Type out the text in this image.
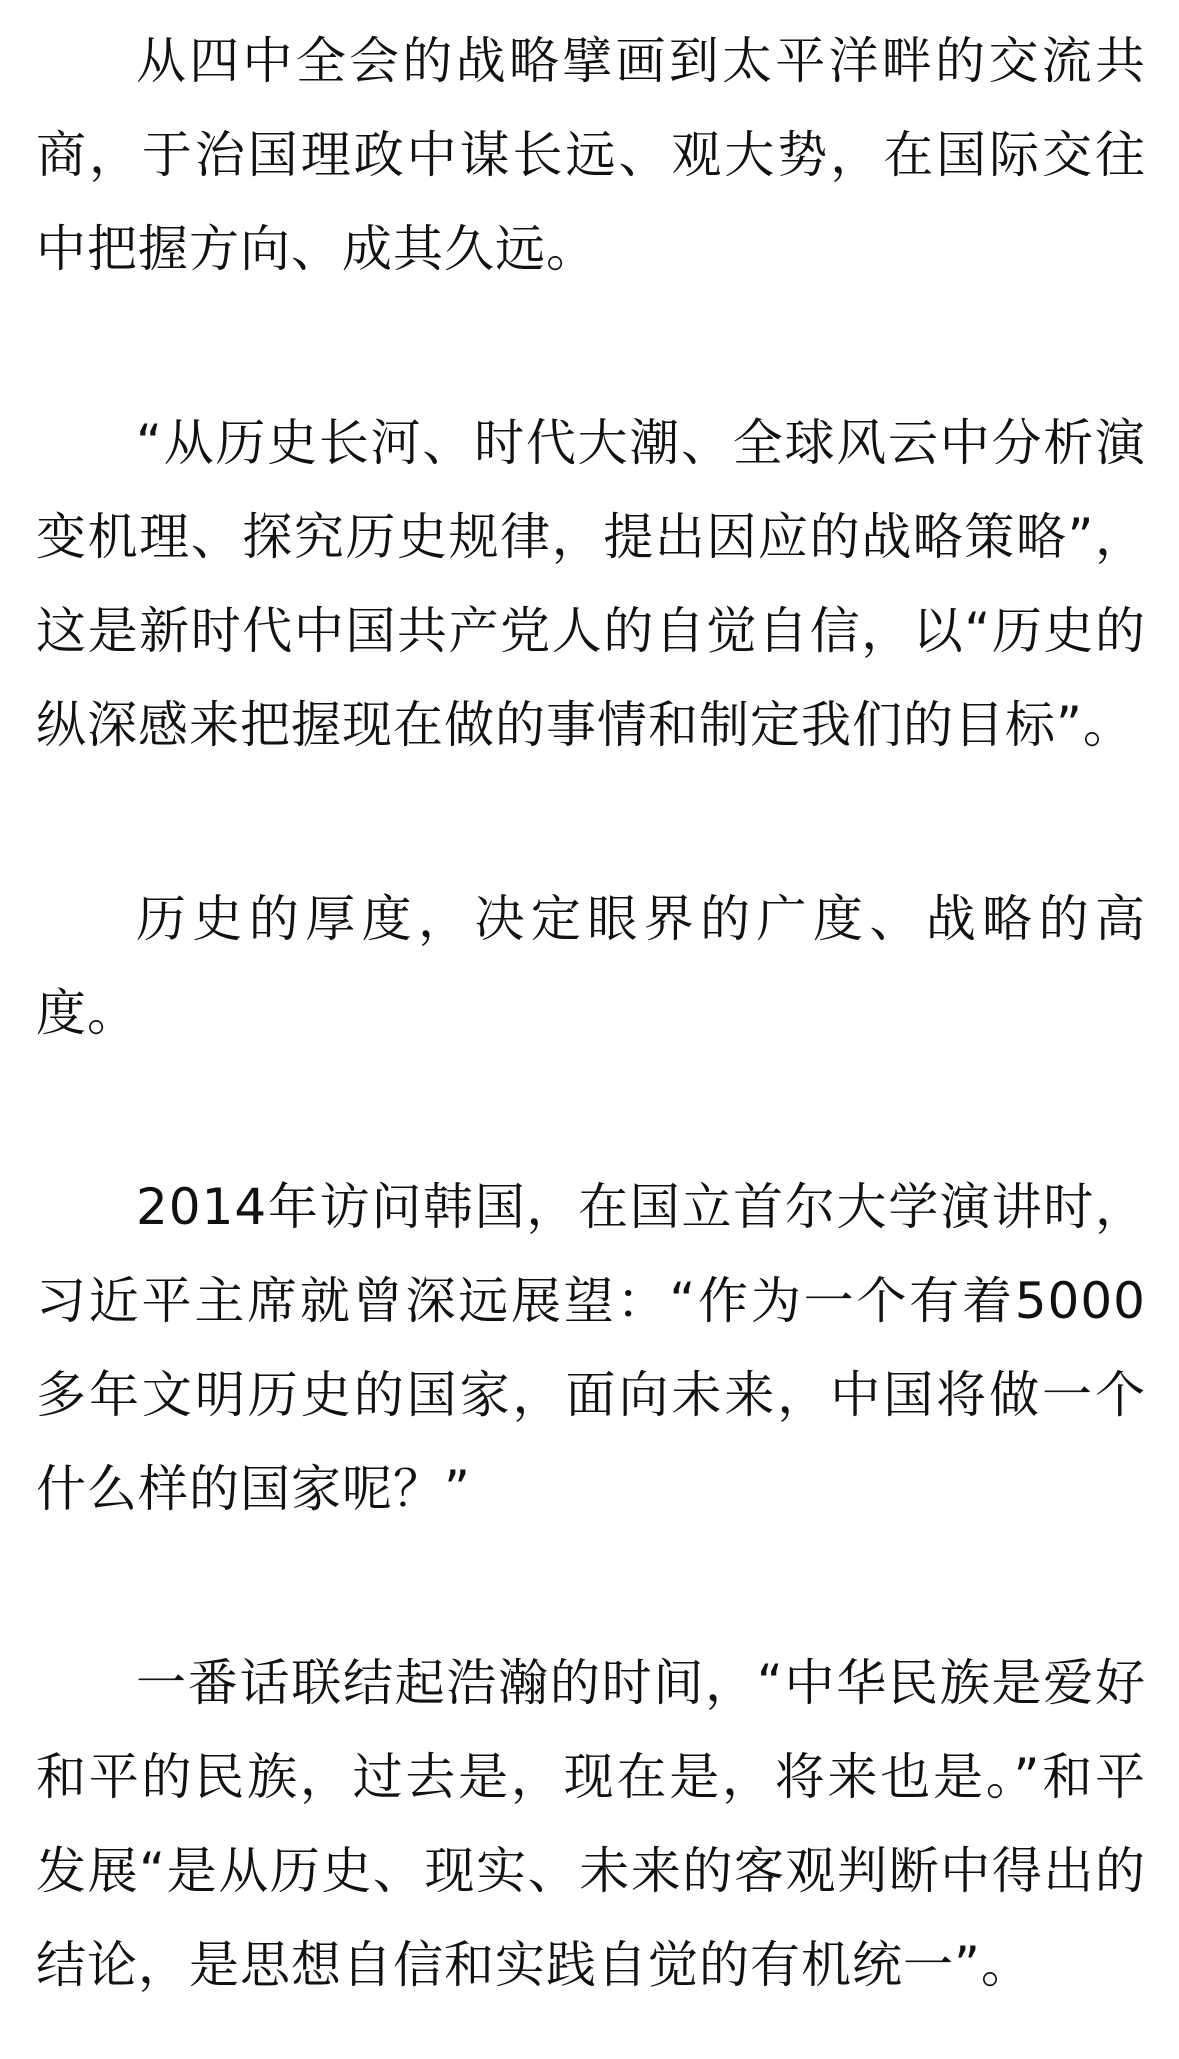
从四中全会的战略擘画到太平洋畔的交流共商，于治国理政中谋长远、观大势，在国际交往中把握方向、成其久远。

“从历史长河、时代大潮、全球风云中分析演变机理、探究历史规律，提出因应的战略策略”，这是新时代中国共产党人的自觉自信，以“历史的纵深感来把握现在做的事情和制定我们的目标”。

历史的厚度，决定眼界的广度、战略的高度。

2014年访问韩国，在国立首尔大学演讲时，习近平主席就曾深远展望：“作为一个有着5000多年文明历史的国家，面向未来，中国将做一个什么样的国家呢？”

一番话联结起浩瀚的时间，“中华民族是爱好和平的民族，过去是，现在是，将来也是。”和平发展“是从历史、现实、未来的客观判断中得出的结论，是思想自信和实践自觉的有机统一”。
